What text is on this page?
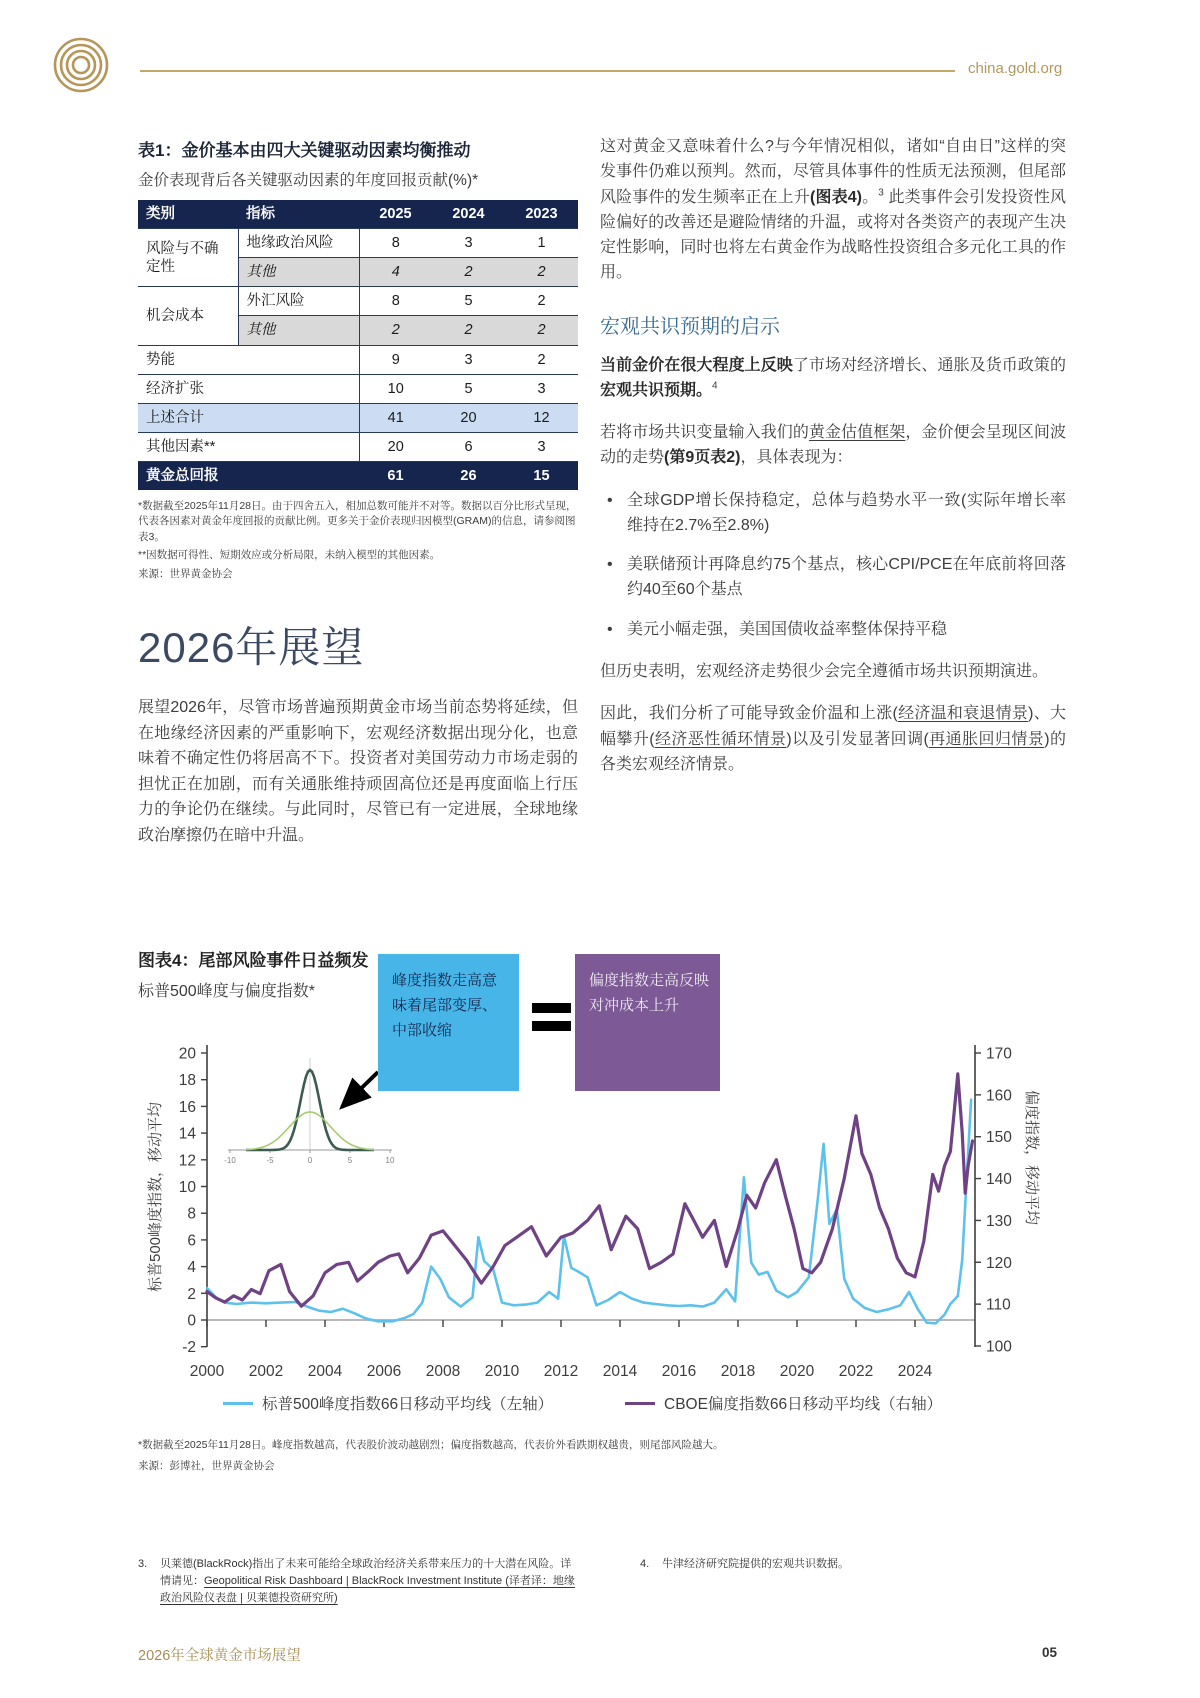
china.gold.org
表1：金价基本由四大关键驱动因素均衡推动
金价表现背后各关键驱动因素的年度回报贡献(%)*
类别	指标	2025	2024	2023
风险与不确定性	地缘政治风险	8	3	1
	其他	4	2	2
机会成本	外汇风险	8	5	2
	其他	2	2	2
势能		9	3	2
经济扩张		10	5	3
上述合计		41	20	12
其他因素**		20	6	3
黄金总回报		61	26	15
*数据截至2025年11月28日。由于四舍五入，相加总数可能并不对等。数据以百分比形式呈现，代表各因素对黄金年度回报的贡献比例。更多关于金价表现归因模型(GRAM)的信息，请参阅图表3。
**因数据可得性、短期效应或分析局限，未纳入模型的其他因素。
来源：世界黄金协会
2026年展望
展望2026年，尽管市场普遍预期黄金市场当前态势将延续，但在地缘经济因素的严重影响下，宏观经济数据出现分化，也意味着不确定性仍将居高不下。投资者对美国劳动力市场走弱的担忧正在加剧，而有关通胀维持顽固高位还是再度面临上行压力的争论仍在继续。与此同时，尽管已有一定进展，全球地缘政治摩擦仍在暗中升温。

这对黄金又意味着什么?与今年情况相似，诸如“自由日”这样的突发事件仍难以预判。然而，尽管具体事件的性质无法预测，但尾部风险事件的发生频率正在上升(图表4)。$^3$ 此类事件会引发投资性风险偏好的改善还是避险情绪的升温，或将对各类资产的表现产生决定性影响，同时也将左右黄金作为战略性投资组合多元化工具的作用。

宏观共识预期的启示

当前金价在很大程度上反映了市场对经济增长、通胀及货币政策的宏观共识预期。$^4$

若将市场共识变量输入我们的黄金估值框架，金价便会呈现区间波动的走势(第9页表2)，具体表现为：

• 全球GDP增长保持稳定，总体与趋势水平一致(实际年增长率维持在2.7%至2.8%)
• 美联储预计再降息约75个基点，核心CPI/PCE在年底前将回落约40至60个基点
• 美元小幅走强，美国国债收益率整体保持平稳

但历史表明，宏观经济走势很少会完全遵循市场共识预期演进。

因此，我们分析了可能导致金价温和上涨(经济温和衰退情景)、大幅攀升(经济恶性循环情景)以及引发显著回调(再通胀回归情景)的各类宏观经济情景。

图表4：尾部风险事件日益频发
标普500峰度与偏度指数*
20
18
16
14
12
10
8
6
4
2
0
-2
170
160
150
140
130
120
110
100
2000 2002 2004 2006 2008 2010 2012 2014 2016 2018 2020 2022 2024
标普500峰度指数，移动平均	偏度指数，移动平均
-10	-5	0	5	10
峰度指数走高意味着尾部变厚、中部收缩
偏度指数走高反映对冲成本上升
标普500峰度指数66日移动平均线（左轴）	CBOE偏度指数66日移动平均线（右轴）
*数据截至2025年11月28日。峰度指数越高，代表股价波动越剧烈；偏度指数越高，代表价外看跌期权越贵，则尾部风险越大。
来源：彭博社，世界黄金协会
3.	贝莱德(BlackRock)指出了未来可能给全球政治经济关系带来压力的十大潜在风险。详情请见：Geopolitical Risk Dashboard | BlackRock Investment Institute (译者译：地缘政治风险仪表盘 | 贝莱德投资研究所)
4.	牛津经济研究院提供的宏观共识数据。
2026年全球黄金市场展望	05
